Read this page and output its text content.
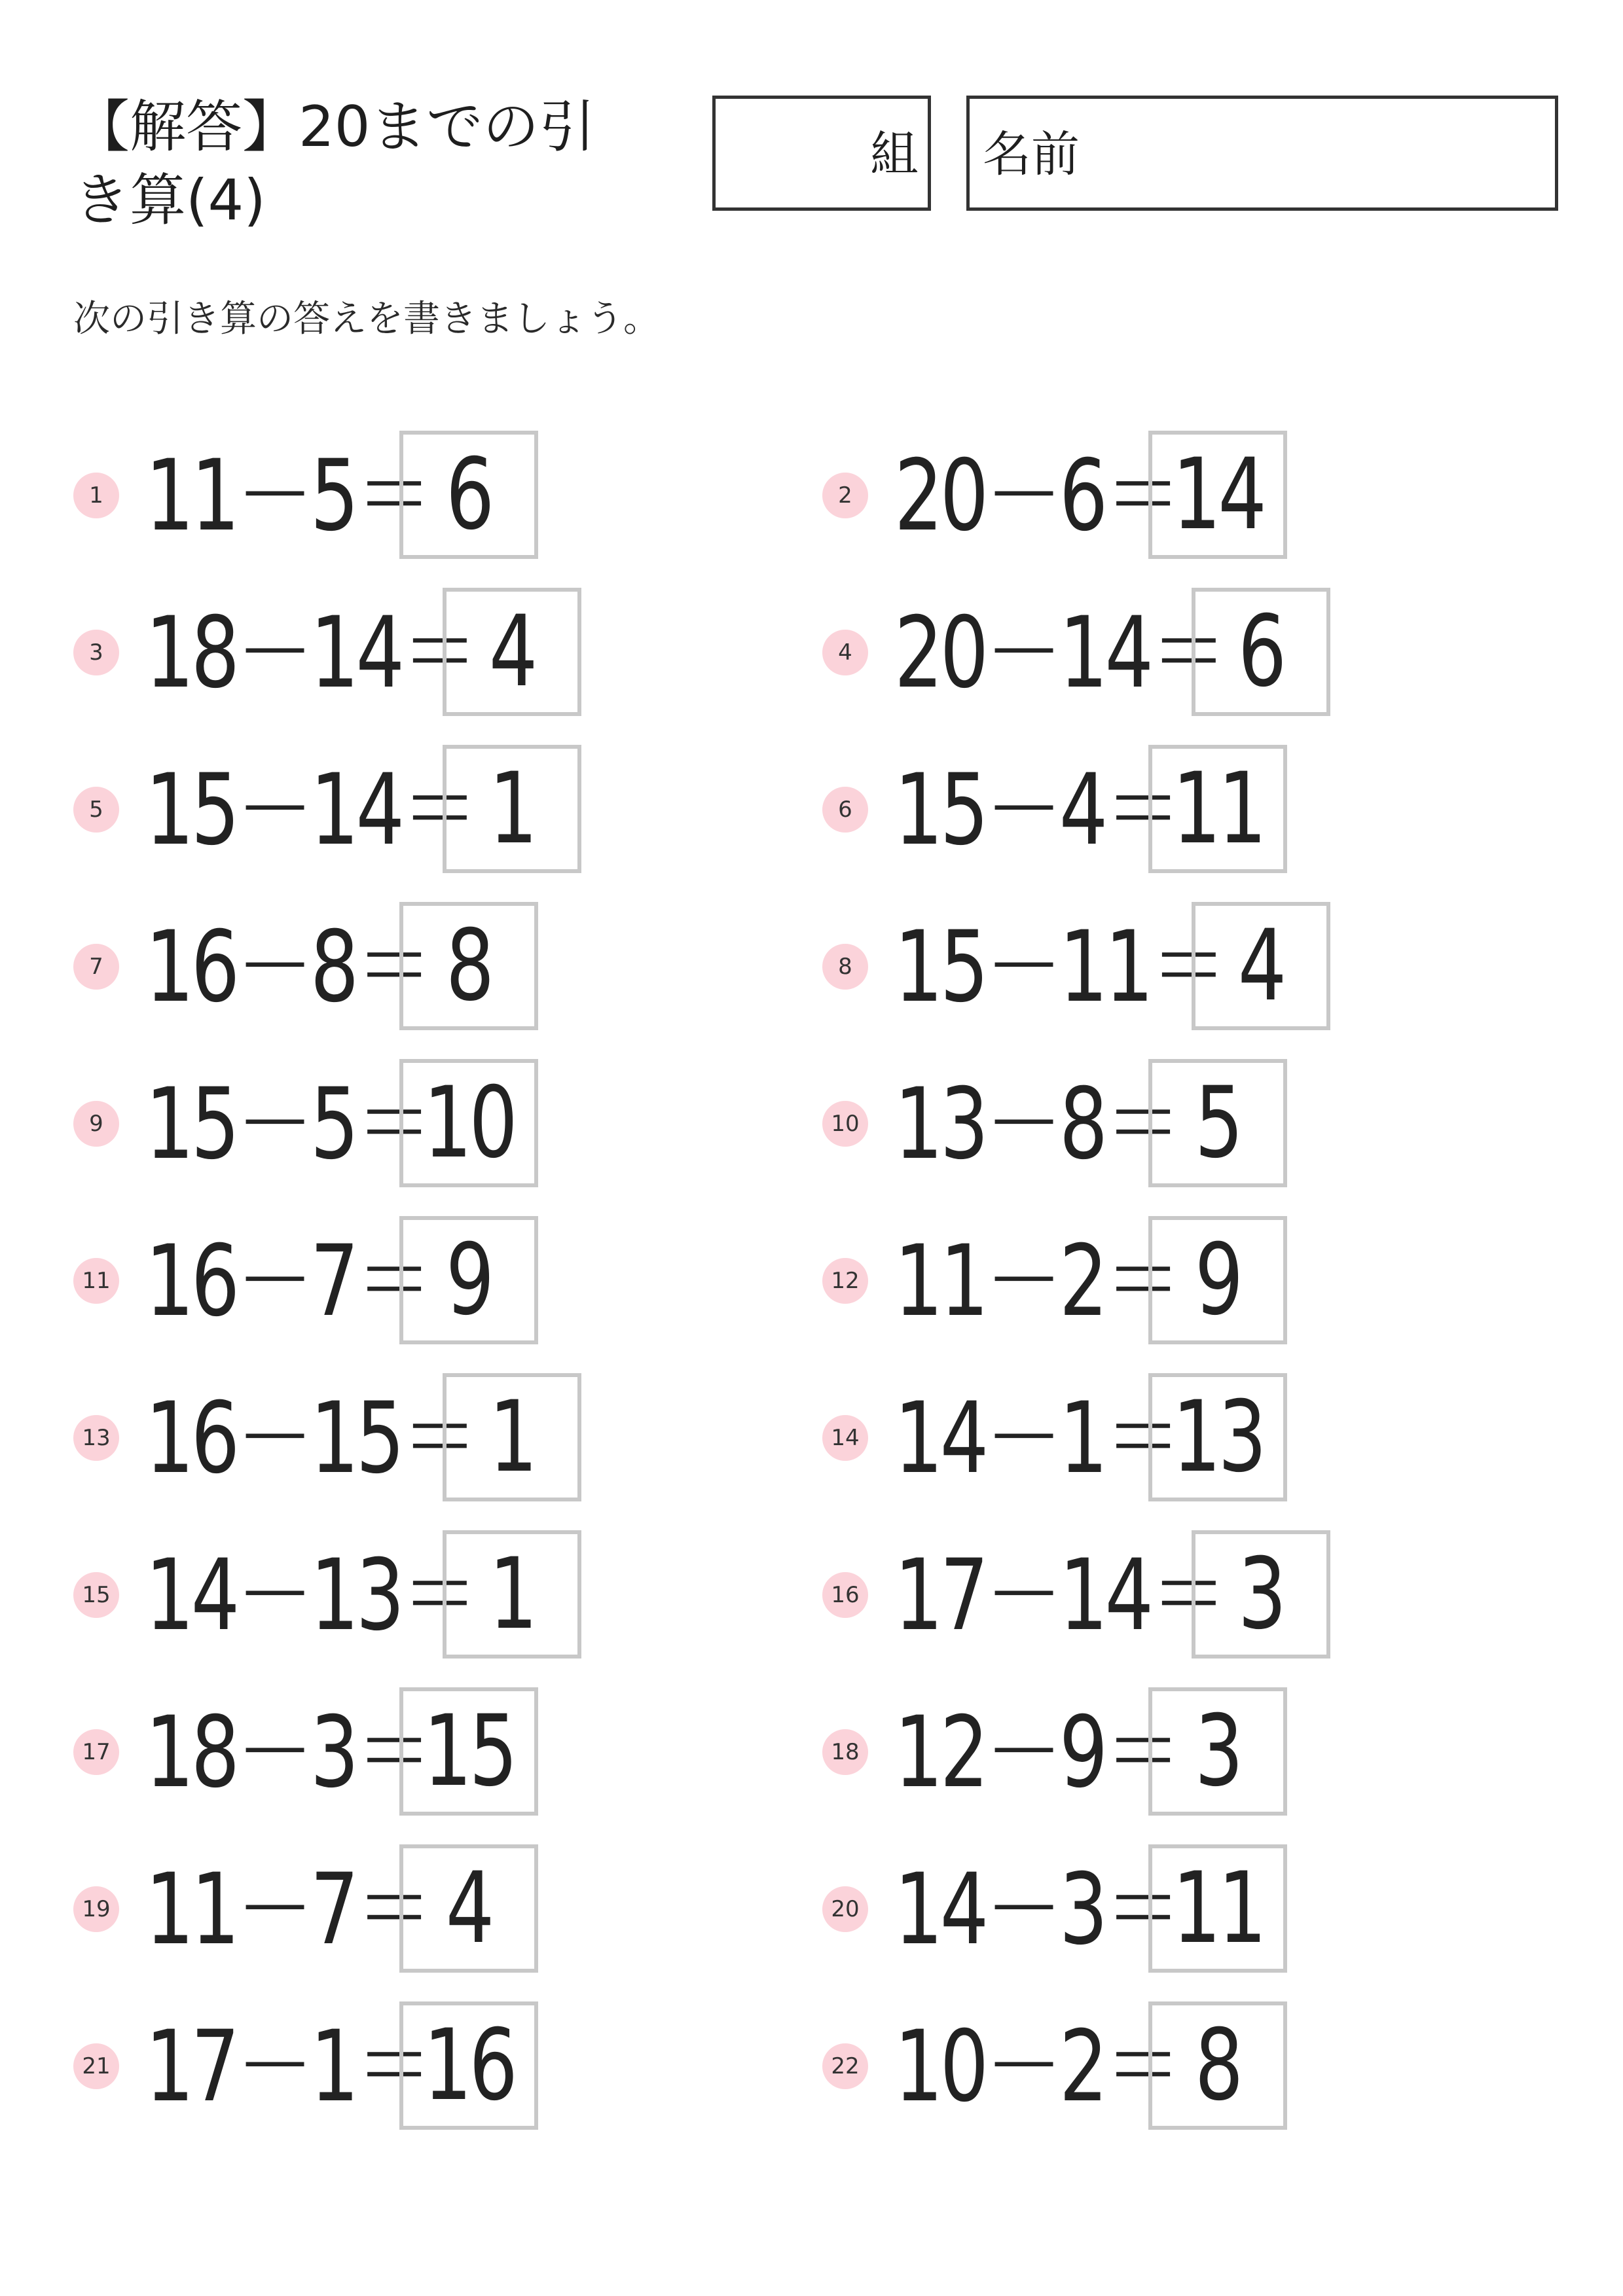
【解答】20までの引
き算(4)
組 名前
次の引き算の答えを書きましょう。
1 11－5＝ 6
3 18－14＝ 4
5 15－14＝ 1
7 16－8＝ 8
9 15－5＝
10
11 16－7＝ 9
13 16－15＝ 1
15 14－13＝ 1
17 18－3＝
15
19 11－7＝ 4
21 17－1＝
16
2 20－6＝
14
4 20－14＝ 6
6 15－4＝
11
8 15－11＝ 4
10 13－8＝ 5
12 11－2＝ 9
14 14－1＝
13
16 17－14＝ 3
18 12－9＝ 3
20 14－3＝
11
22 10－2＝ 8
